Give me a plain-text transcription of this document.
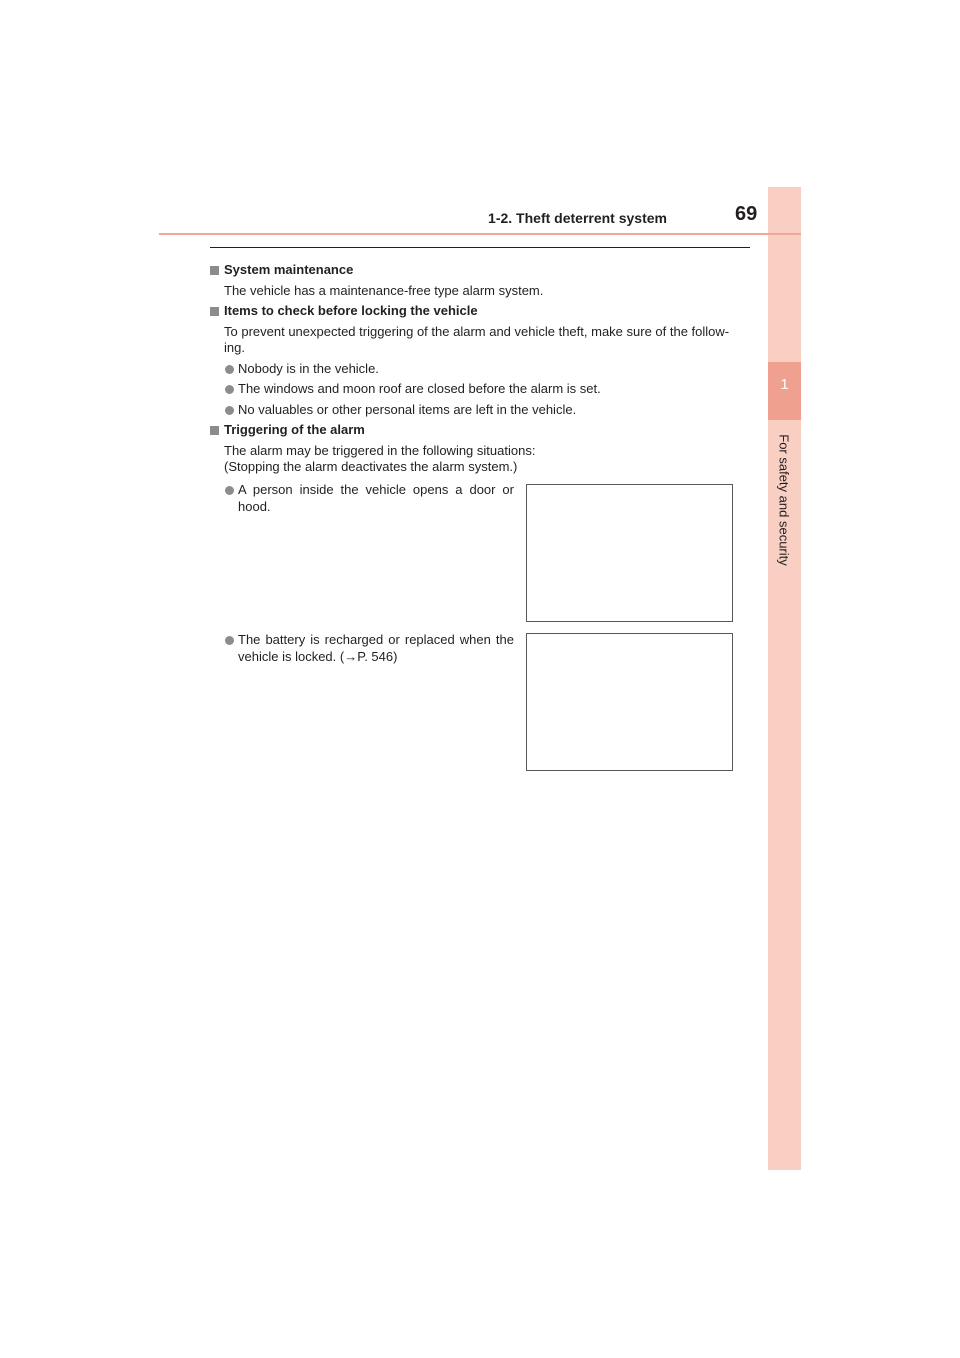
1
For safety and security
1-2. Theft deterrent system	69
System maintenance
The vehicle has a maintenance-free type alarm system.
Items to check before locking the vehicle
To prevent unexpected triggering of the alarm and vehicle theft, make sure of the follow-ing.
Nobody is in the vehicle.
The windows and moon roof are closed before the alarm is set.
No valuables or other personal items are left in the vehicle.
Triggering of the alarm
The alarm may be triggered in the following situations:
(Stopping the alarm deactivates the alarm system.)
A person inside the vehicle opens a door or hood.
The battery is recharged or replaced when the vehicle is locked. (→P. 546)
